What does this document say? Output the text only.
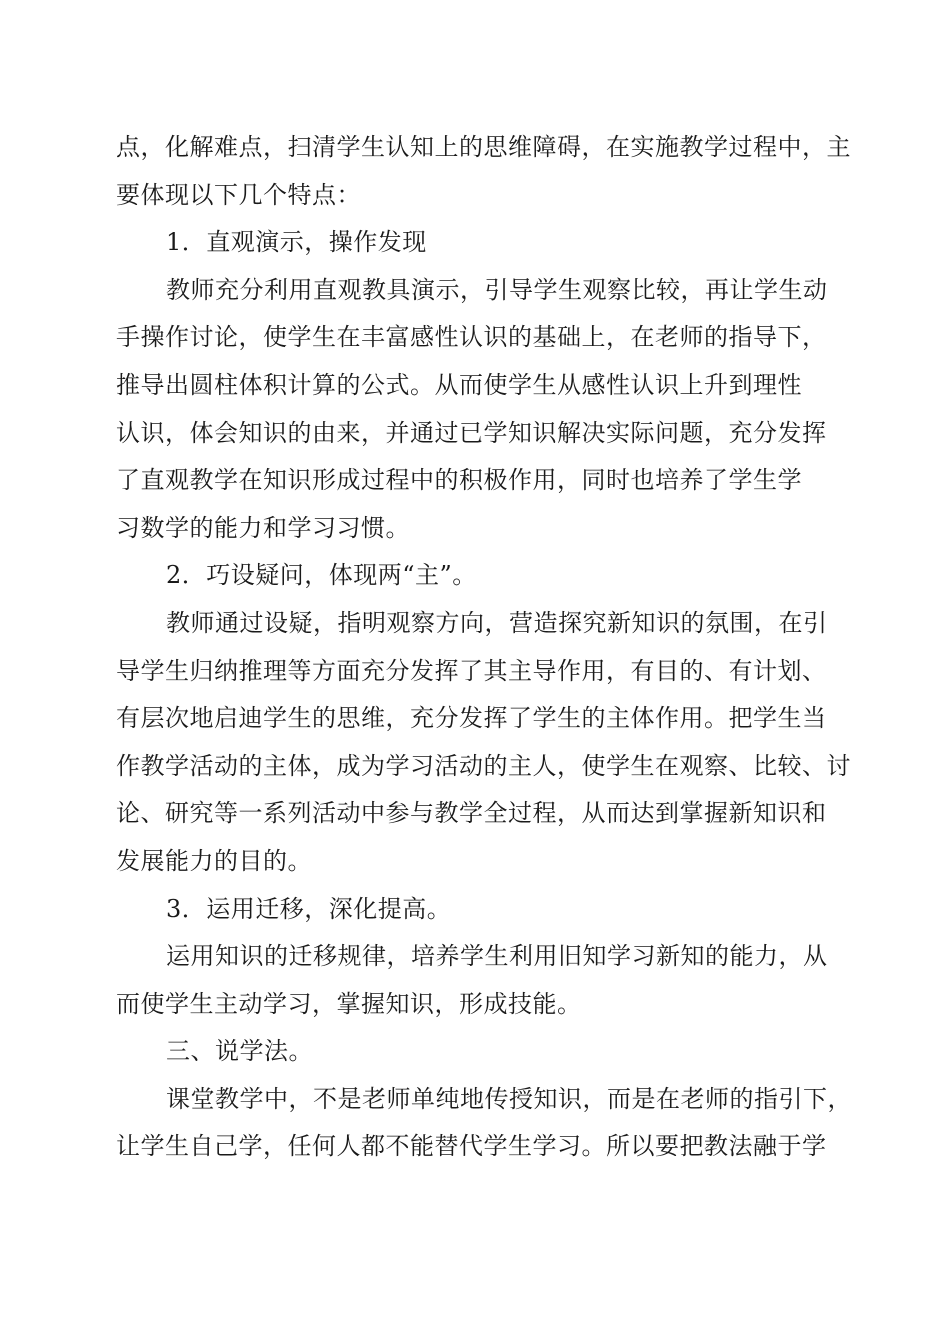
点，化解难点，扫清学生认知上的思维障碍，在实施教学过程中，主
要体现以下几个特点：
1．直观演示，操作发现
教师充分利用直观教具演示，引导学生观察比较，再让学生动
手操作讨论，使学生在丰富感性认识的基础上，在老师的指导下，
推导出圆柱体积计算的公式。从而使学生从感性认识上升到理性
认识，体会知识的由来，并通过已学知识解决实际问题，充分发挥
了直观教学在知识形成过程中的积极作用，同时也培养了学生学
习数学的能力和学习习惯。
2．巧设疑问，体现两“主”。
教师通过设疑，指明观察方向，营造探究新知识的氛围，在引
导学生归纳推理等方面充分发挥了其主导作用，有目的、有计划、
有层次地启迪学生的思维，充分发挥了学生的主体作用。把学生当
作教学活动的主体，成为学习活动的主人，使学生在观察、比较、讨
论、研究等一系列活动中参与教学全过程，从而达到掌握新知识和
发展能力的目的。
3．运用迁移，深化提高。
运用知识的迁移规律，培养学生利用旧知学习新知的能力，从
而使学生主动学习，掌握知识，形成技能。
三、说学法。
课堂教学中，不是老师单纯地传授知识，而是在老师的指引下，
让学生自己学，任何人都不能替代学生学习。所以要把教法融于学
